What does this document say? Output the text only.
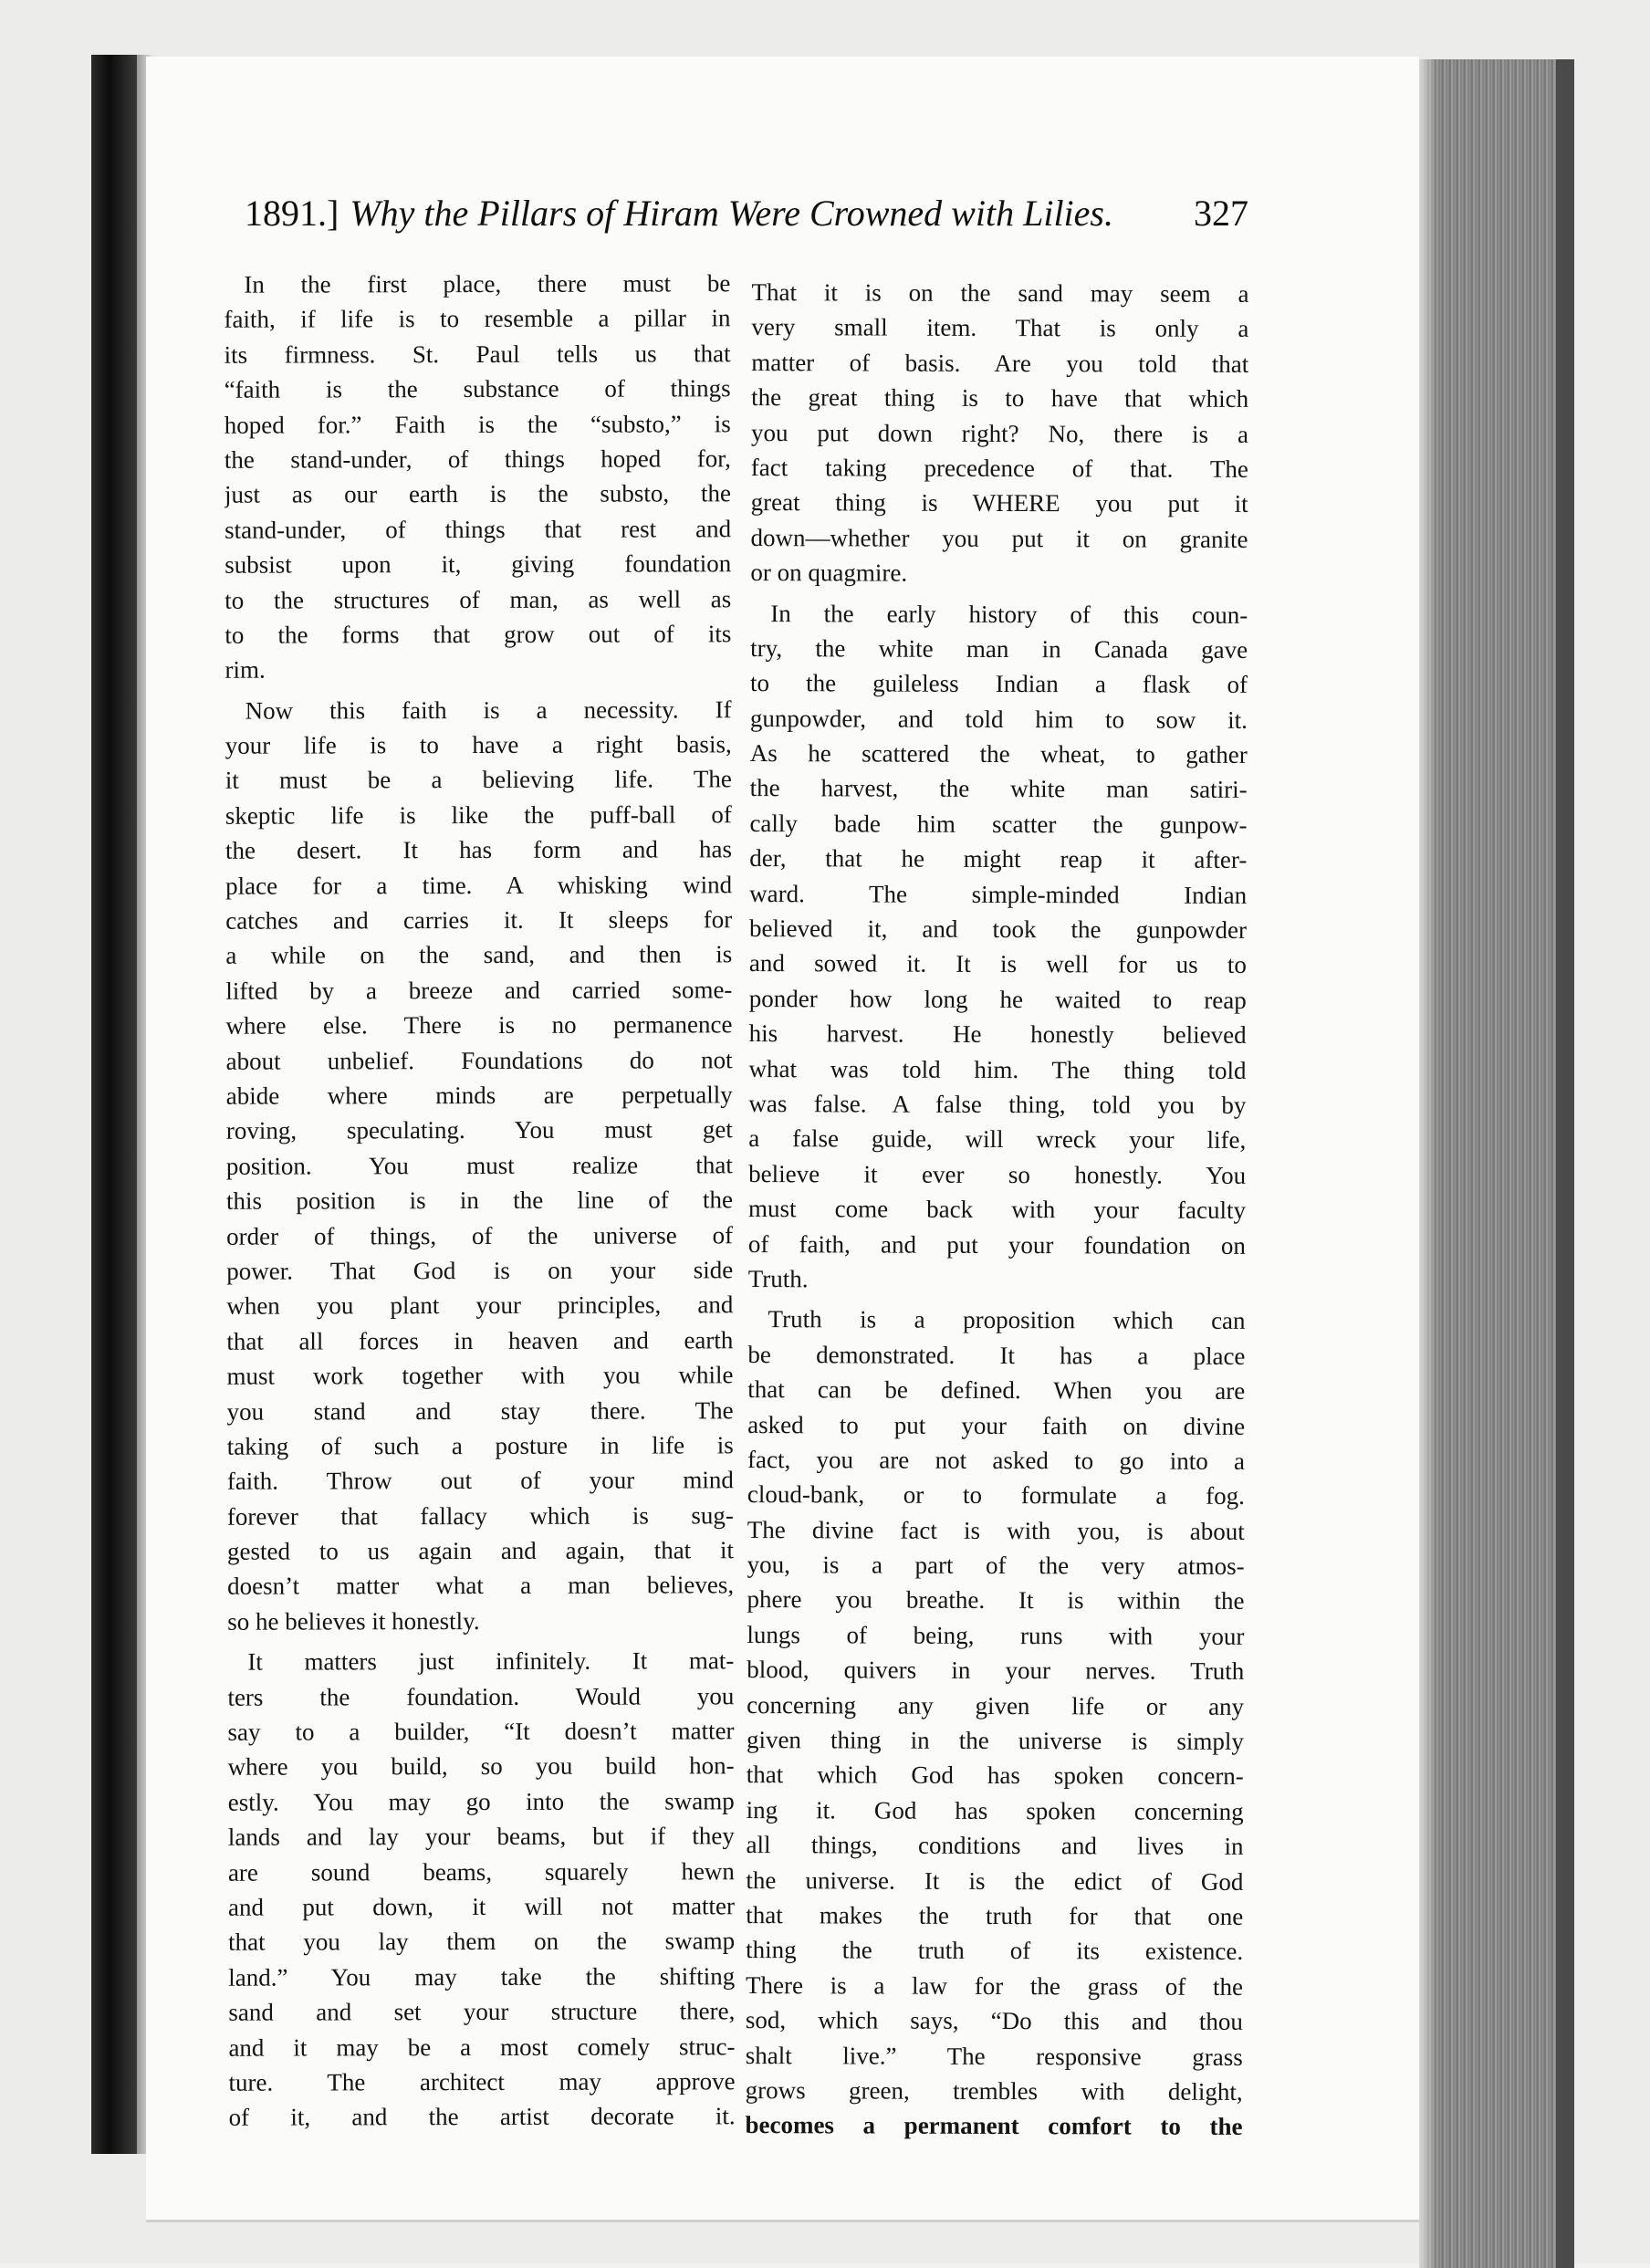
1891.] Why the Pillars of Hiram Were Crowned with Lilies.	327
In the first place, there must be
faith, if life is to resemble a pillar in
its firmness. St. Paul tells us that
“faith is the substance of things
hoped for.” Faith is the “substo,” is
the stand-under, of things hoped for,
just as our earth is the substo, the
stand-under, of things that rest and
subsist upon it, giving foundation
to the structures of man, as well as
to the forms that grow out of its
rim.
Now this faith is a necessity. If
your life is to have a right basis,
it must be a believing life. The
skeptic life is like the puff-ball of
the desert. It has form and has
place for a time. A whisking wind
catches and carries it. It sleeps for
a while on the sand, and then is
lifted by a breeze and carried some-
where else. There is no permanence
about unbelief. Foundations do not
abide where minds are perpetually
roving, speculating. You must get
position. You must realize that
this position is in the line of the
order of things, of the universe of
power. That God is on your side
when you plant your principles, and
that all forces in heaven and earth
must work together with you while
you stand and stay there. The
taking of such a posture in life is
faith. Throw out of your mind
forever that fallacy which is sug-
gested to us again and again, that it
doesn’t matter what a man believes,
so he believes it honestly.
It matters just infinitely. It mat-
ters the foundation. Would you
say to a builder, “It doesn’t matter
where you build, so you build hon-
estly. You may go into the swamp
lands and lay your beams, but if they
are sound beams, squarely hewn
and put down, it will not matter
that you lay them on the swamp
land.” You may take the shifting
sand and set your structure there,
and it may be a most comely struc-
ture. The architect may approve
of it, and the artist decorate it.
That it is on the sand may seem a
very small item. That is only a
matter of basis. Are you told that
the great thing is to have that which
you put down right? No, there is a
fact taking precedence of that. The
great thing is WHERE you put it
down—whether you put it on granite
or on quagmire.
In the early history of this coun-
try, the white man in Canada gave
to the guileless Indian a flask of
gunpowder, and told him to sow it.
As he scattered the wheat, to gather
the harvest, the white man satiri-
cally bade him scatter the gunpow-
der, that he might reap it after-
ward. The simple-minded Indian
believed it, and took the gunpowder
and sowed it. It is well for us to
ponder how long he waited to reap
his harvest. He honestly believed
what was told him. The thing told
was false. A false thing, told you by
a false guide, will wreck your life,
believe it ever so honestly. You
must come back with your faculty
of faith, and put your foundation on
Truth.
Truth is a proposition which can
be demonstrated. It has a place
that can be defined. When you are
asked to put your faith on divine
fact, you are not asked to go into a
cloud-bank, or to formulate a fog.
The divine fact is with you, is about
you, is a part of the very atmos-
phere you breathe. It is within the
lungs of being, runs with your
blood, quivers in your nerves. Truth
concerning any given life or any
given thing in the universe is simply
that which God has spoken concern-
ing it. God has spoken concerning
all things, conditions and lives in
the universe. It is the edict of God
that makes the truth for that one
thing the truth of its existence.
There is a law for the grass of the
sod, which says, “Do this and thou
shalt live.” The responsive grass
grows green, trembles with delight,
becomes a permanent comfort to the
